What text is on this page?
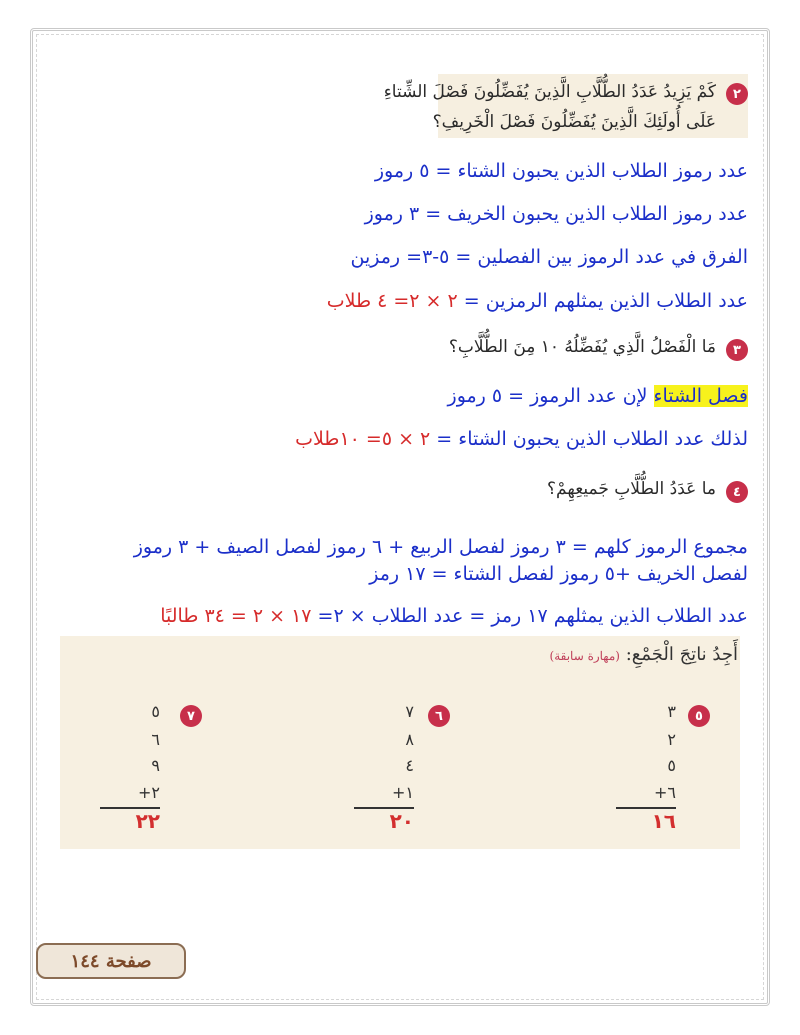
٢
كَمْ يَزِيدُ عَدَدُ الطُّلَّابِ الَّذِينَ يُفَضِّلُونَ فَصْلَ الشِّتاءِ
عَلَى أُولَئِكَ الَّذِينَ يُفَضِّلُونَ فَصْلَ الْخَرِيفِ؟
عدد رموز الطلاب الذين يحبون الشتاء = ٥ رموز
عدد رموز الطلاب الذين يحبون الخريف = ٣ رموز
الفرق في عدد الرموز بين الفصلين = ٥-٣= رمزين
عدد الطلاب الذين يمثلهم الرمزين = ٢ × ٢= ٤ طلاب
٣
مَا الْفَصْلُ الَّذِي يُفَضِّلُهُ ١٠ مِنَ الطُّلَّابِ؟
فصل الشتاء لإن عدد الرموز = ٥ رموز
لذلك عدد الطلاب الذين يحبون الشتاء = ٢ × ٥= ١٠طلاب
٤
ما عَدَدُ الطُّلَّابِ جَميعِهِمْ؟
مجموع الرموز كلهم = ٣ رموز لفصل الربيع + ٦ رموز لفصل الصيف + ٣ رموز
لفصل الخريف +٥ رموز لفصل الشتاء = ١٧ رمز
عدد الطلاب الذين يمثلهم ١٧ رمز = عدد الطلاب × ٢= ١٧ × ٢ = ٣٤ طالبًا
أَجِدُ ناتِجَ الْجَمْعِ: (مهارة سابقة)
٥
٣
٢
٥
٦+
١٦
٦
٧
٨
٤
١+
٢٠
٧
٥
٦
٩
٢+
٢٢
صفحة ١٤٤
